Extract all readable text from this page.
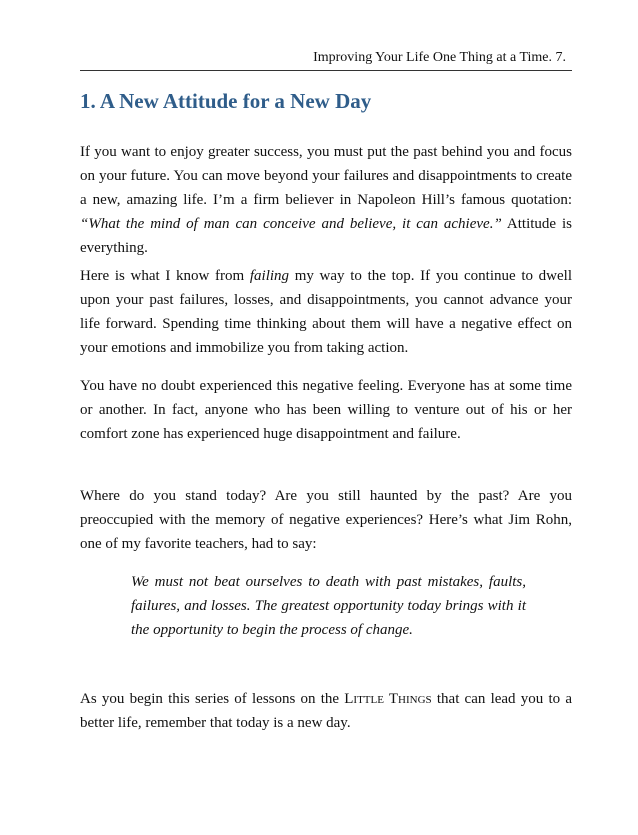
Improving Your Life One Thing at a Time. 7.
1. A New Attitude for a New Day

If you want to enjoy greater success, you must put the past behind you and focus on your future. You can move beyond your failures and disappointments to create a new, amazing life. I’m a firm believer in Napoleon Hill’s famous quotation: “What the mind of man can conceive and believe, it can achieve.” Attitude is everything.

Here is what I know from failing my way to the top. If you continue to dwell upon your past failures, losses, and disappointments, you cannot advance your life forward. Spending time thinking about them will have a negative effect on your emotions and immobilize you from taking action.

You have no doubt experienced this negative feeling. Everyone has at some time or another. In fact, anyone who has been willing to venture out of his or her comfort zone has experienced huge disappointment and failure.

Where do you stand today? Are you still haunted by the past? Are you preoccupied with the memory of negative experiences? Here’s what Jim Rohn, one of my favorite teachers, had to say:

We must not beat ourselves to death with past mistakes, faults, failures, and losses. The greatest opportunity today brings with it the opportunity to begin the process of change.

As you begin this series of lessons on the Little Things that can lead you to a better life, remember that today is a new day.
